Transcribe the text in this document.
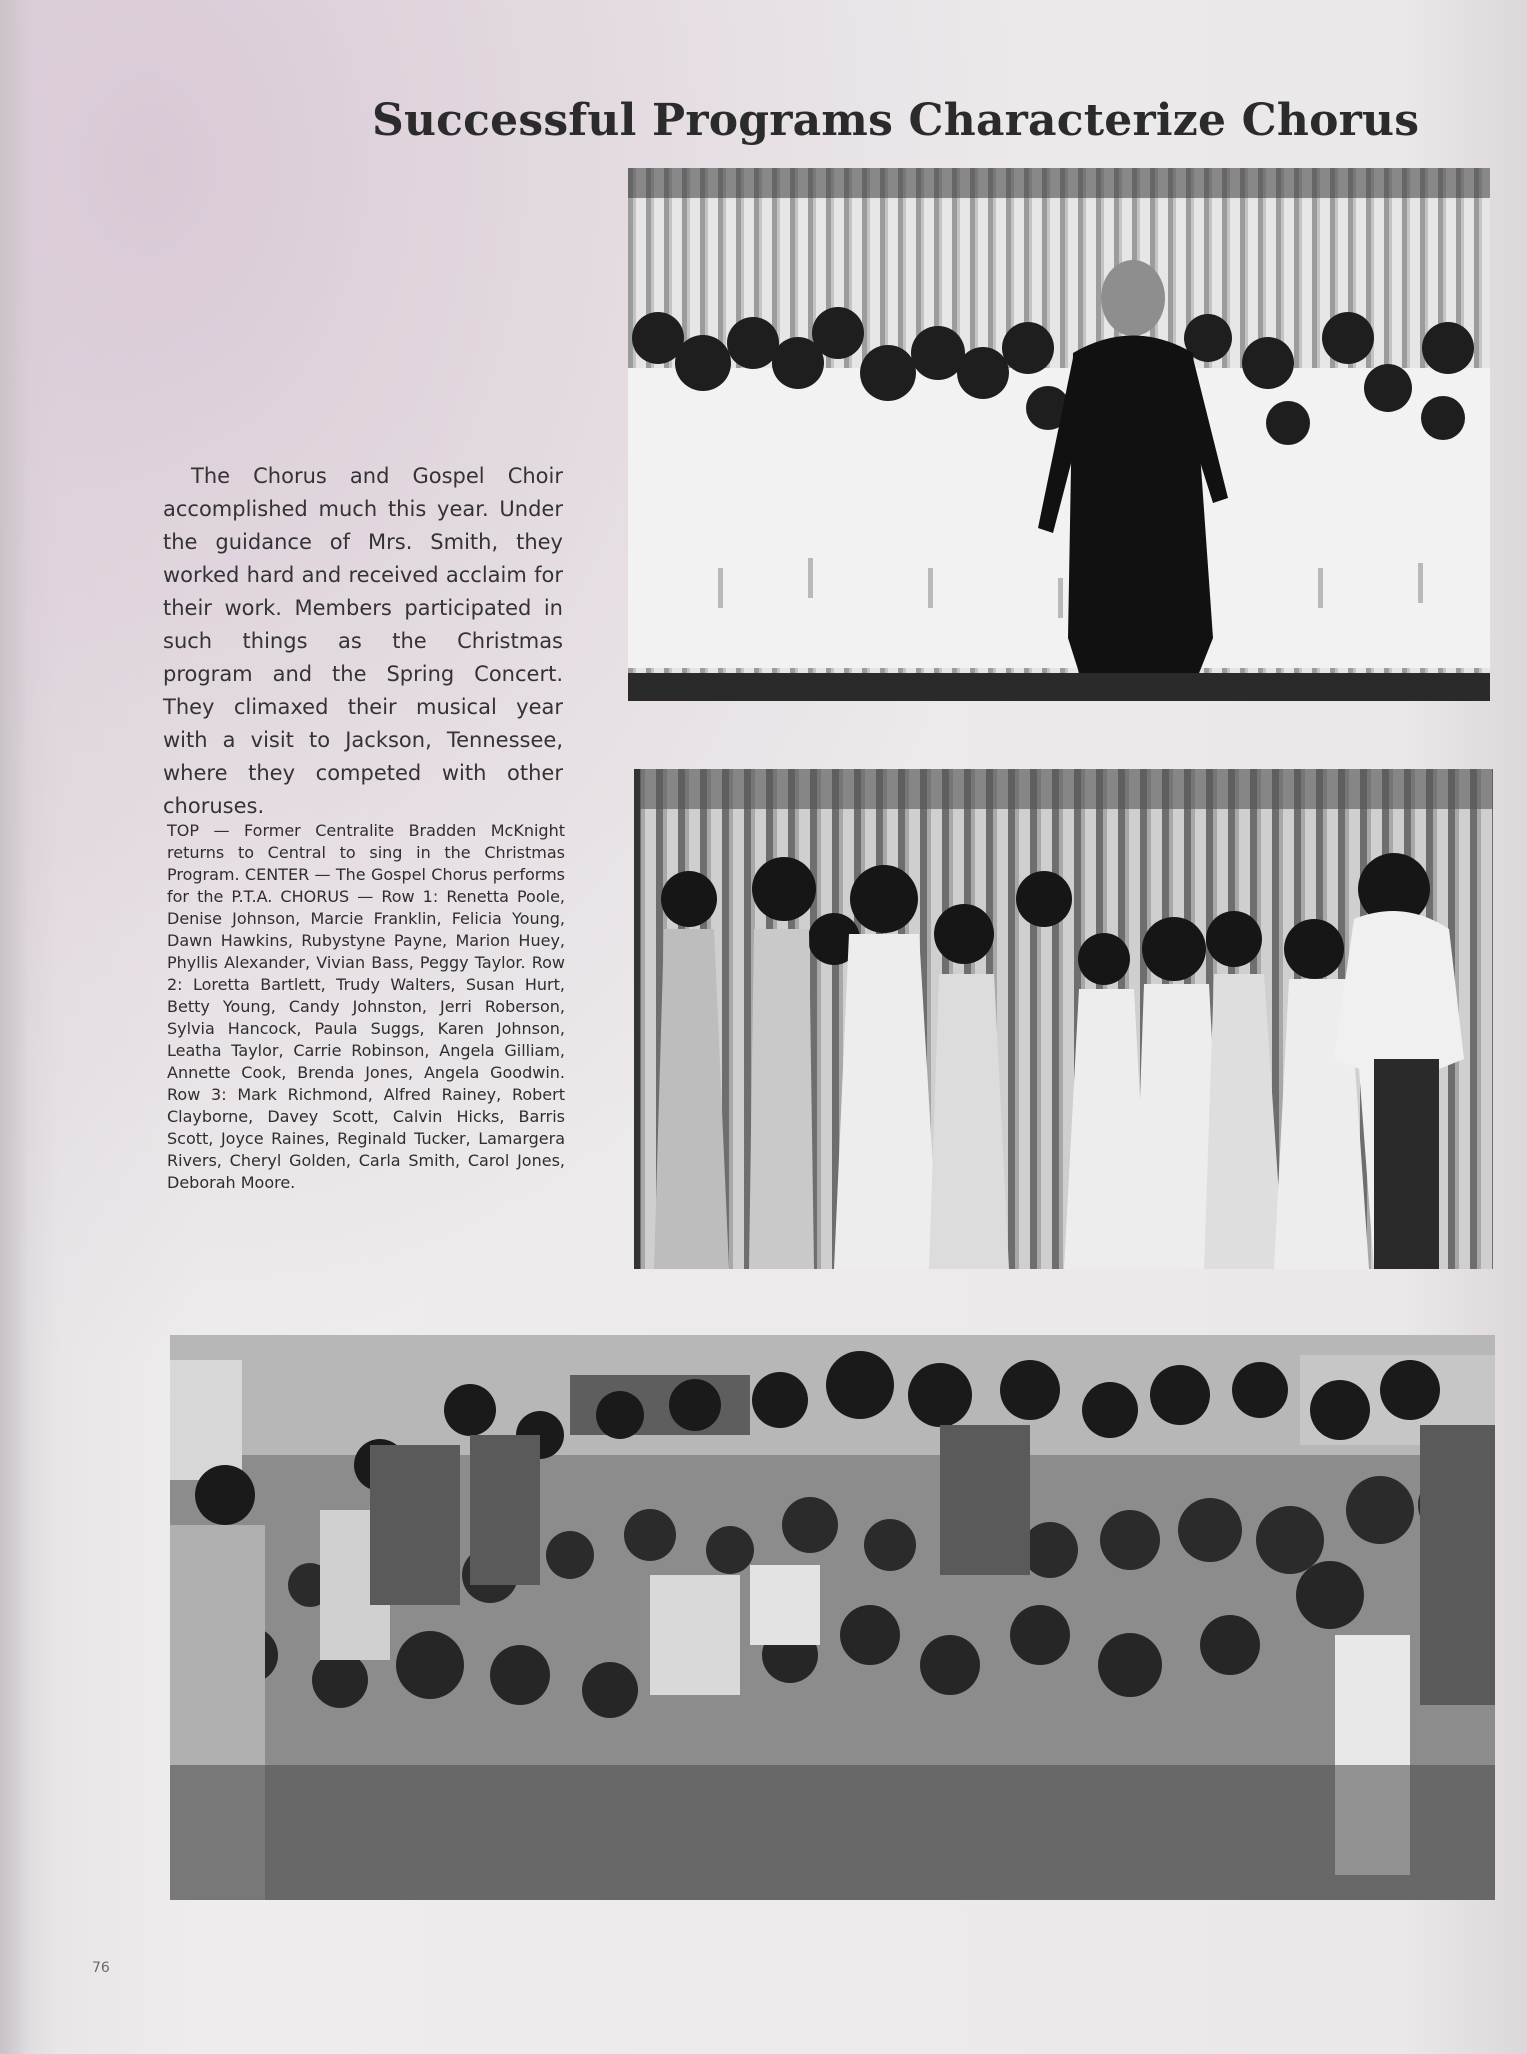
Successful Programs Characterize Chorus

The Chorus and Gospel Choir accomplished much this year. Under the guidance of Mrs. Smith, they worked hard and received acclaim for their work. Members participated in such things as the Christmas program and the Spring Concert. They climaxed their musical year with a visit to Jackson, Tennessee, where they competed with other choruses.

TOP — Former Centralite Bradden McKnight returns to Central to sing in the Christmas Program. CENTER — The Gospel Chorus performs for the P.T.A. CHORUS — Row 1: Renetta Poole, Denise Johnson, Marcie Franklin, Felicia Young, Dawn Hawkins, Rubystyne Payne, Marion Huey, Phyllis Alexander, Vivian Bass, Peggy Taylor. Row 2: Loretta Bartlett, Trudy Walters, Susan Hurt, Betty Young, Candy Johnston, Jerri Roberson, Sylvia Hancock, Paula Suggs, Karen Johnson, Leatha Taylor, Carrie Robinson, Angela Gilliam, Annette Cook, Brenda Jones, Angela Goodwin. Row 3: Mark Richmond, Alfred Rainey, Robert Clayborne, Davey Scott, Calvin Hicks, Barris Scott, Joyce Raines, Reginald Tucker, Lamargera Rivers, Cheryl Golden, Carla Smith, Carol Jones, Deborah Moore.

76
